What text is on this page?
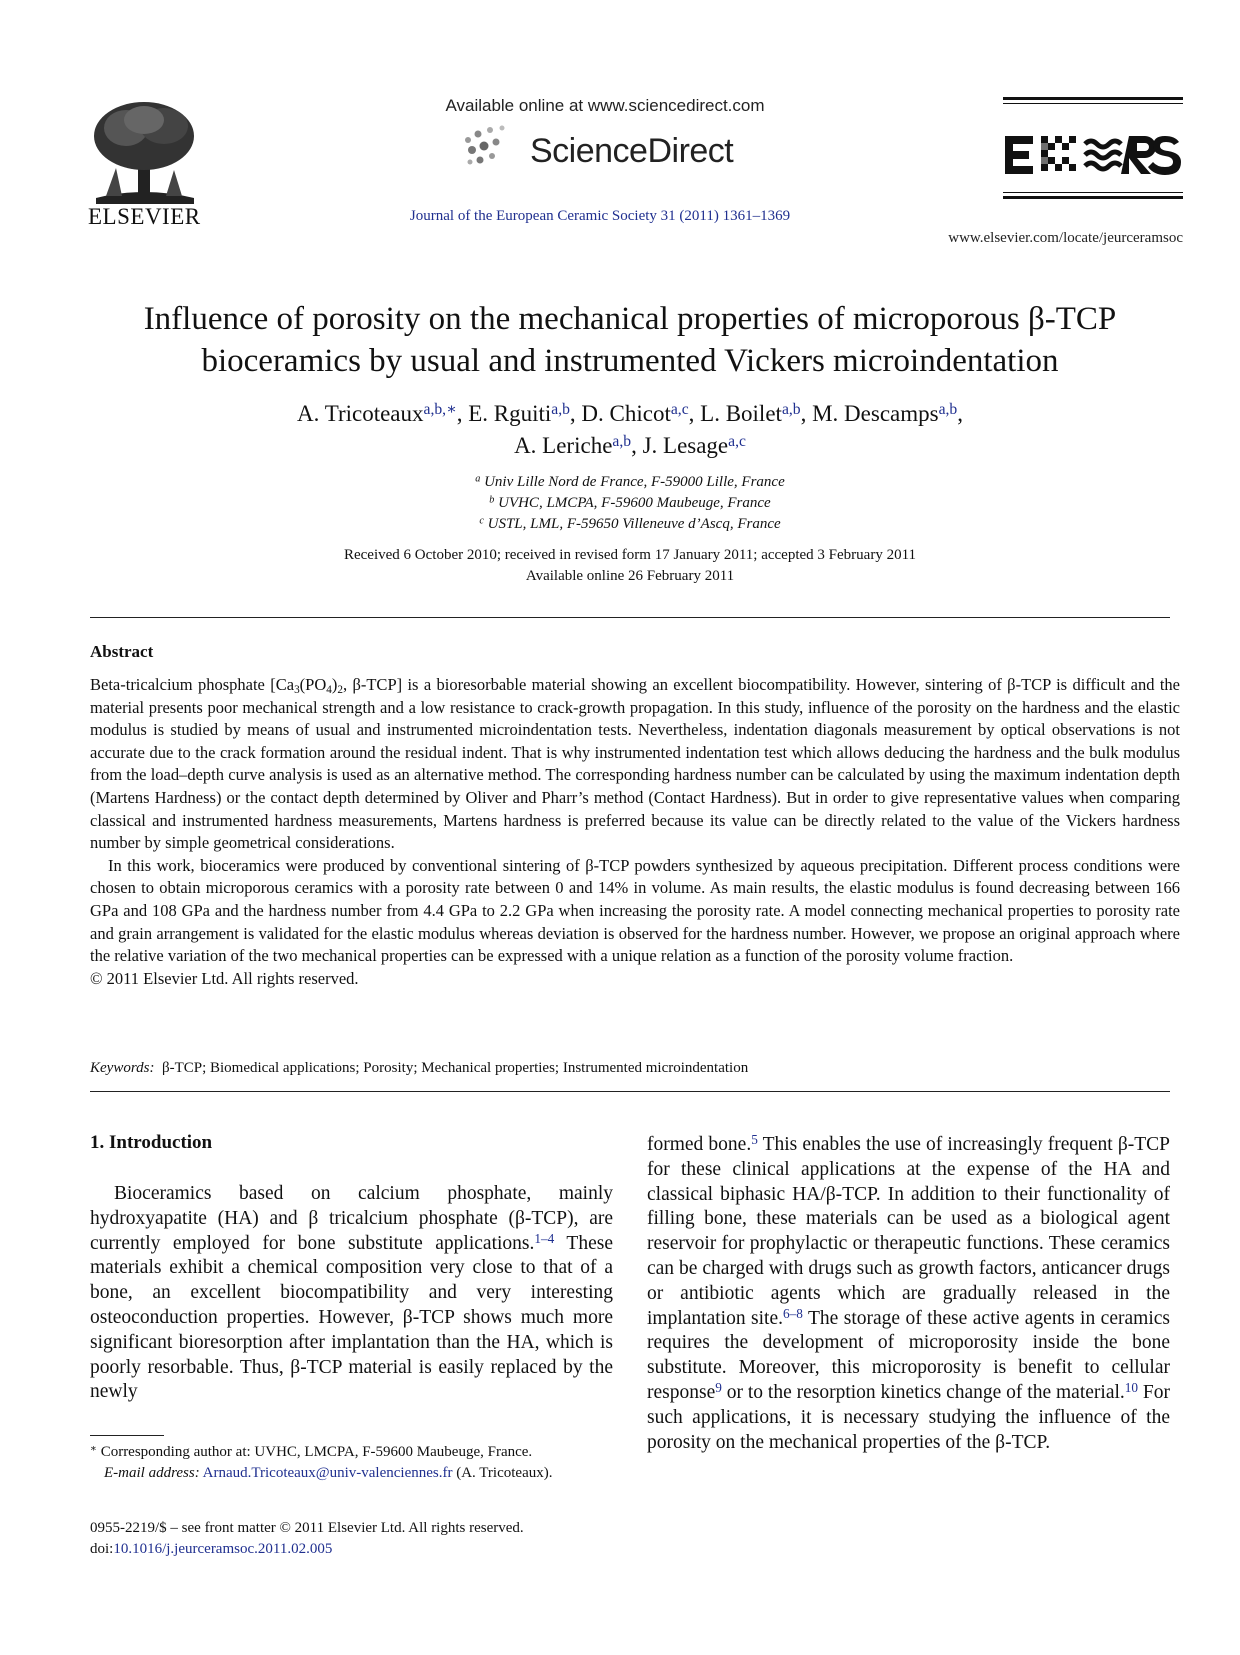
ELSEVIER
Available online at www.sciencedirect.com
ScienceDirect
Journal of the European Ceramic Society 31 (2011) 1361–1369
www.elsevier.com/locate/jeurceramsoc
Influence of porosity on the mechanical properties of microporous β-TCP
bioceramics by usual and instrumented Vickers microindentation
A. Tricoteaux$^{a,b,∗}$, E. Rguiti$^{a,b}$, D. Chicot$^{a,c}$, L. Boilet$^{a,b}$, M. Descamps$^{a,b}$,
A. Leriche$^{a,b}$, J. Lesage$^{a,c}$
$^a$ Univ Lille Nord de France, F-59000 Lille, France
$^b$ UVHC, LMCPA, F-59600 Maubeuge, France
$^c$ USTL, LML, F-59650 Villeneuve d’Ascq, France
Received 6 October 2010; received in revised form 17 January 2011; accepted 3 February 2011
Available online 26 February 2011
Abstract

Beta-tricalcium phosphate [$Ca_3(PO_4)_2$, β-TCP] is a bioresorbable material showing an excellent biocompatibility. However, sintering of β-TCP is difficult and the material presents poor mechanical strength and a low resistance to crack-growth propagation. In this study, influence of the porosity on the hardness and the elastic modulus is studied by means of usual and instrumented microindentation tests. Nevertheless, indentation diagonals measurement by optical observations is not accurate due to the crack formation around the residual indent. That is why instrumented indentation test which allows deducing the hardness and the bulk modulus from the load–depth curve analysis is used as an alternative method. The corresponding hardness number can be calculated by using the maximum indentation depth (Martens Hardness) or the contact depth determined by Oliver and Pharr’s method (Contact Hardness). But in order to give representative values when comparing classical and instrumented hardness measurements, Martens hardness is preferred because its value can be directly related to the value of the Vickers hardness number by simple geometrical considerations.

In this work, bioceramics were produced by conventional sintering of β-TCP powders synthesized by aqueous precipitation. Different process conditions were chosen to obtain microporous ceramics with a porosity rate between 0 and 14% in volume. As main results, the elastic modulus is found decreasing between 166 GPa and 108 GPa and the hardness number from 4.4 GPa to 2.2 GPa when increasing the porosity rate. A model connecting mechanical properties to porosity rate and grain arrangement is validated for the elastic modulus whereas deviation is observed for the hardness number. However, we propose an original approach where the relative variation of the two mechanical properties can be expressed with a unique relation as a function of the porosity volume fraction.

© 2011 Elsevier Ltd. All rights reserved.

Keywords: β-TCP; Biomedical applications; Porosity; Mechanical properties; Instrumented microindentation
1. Introduction

Bioceramics based on calcium phosphate, mainly hydroxyapatite (HA) and β tricalcium phosphate (β-TCP), are currently employed for bone substitute applications.$^{1-4}$ These materials exhibit a chemical composition very close to that of a bone, an excellent biocompatibility and very interesting osteoconduction properties. However, β-TCP shows much more significant bioresorption after implantation than the HA, which is poorly resorbable. Thus, β-TCP material is easily replaced by the newly

formed bone.$^5$ This enables the use of increasingly frequent β-TCP for these clinical applications at the expense of the HA and classical biphasic HA/β-TCP. In addition to their functionality of filling bone, these materials can be used as a biological agent reservoir for prophylactic or therapeutic functions. These ceramics can be charged with drugs such as growth factors, anticancer drugs or antibiotic agents which are gradually released in the implantation site.$^{6-8}$ The storage of these active agents in ceramics requires the development of microporosity inside the bone substitute. Moreover, this microporosity is benefit to cellular response$^9$ or to the resorption kinetics change of the material.$^{10}$ For such applications, it is necessary studying the influence of the porosity on the mechanical properties of the β-TCP.

∗ Corresponding author at: UVHC, LMCPA, F-59600 Maubeuge, France.
E-mail address: Arnaud.Tricoteaux@univ-valenciennes.fr (A. Tricoteaux).
0955-2219/$ – see front matter © 2011 Elsevier Ltd. All rights reserved.
doi:10.1016/j.jeurceramsoc.2011.02.005
